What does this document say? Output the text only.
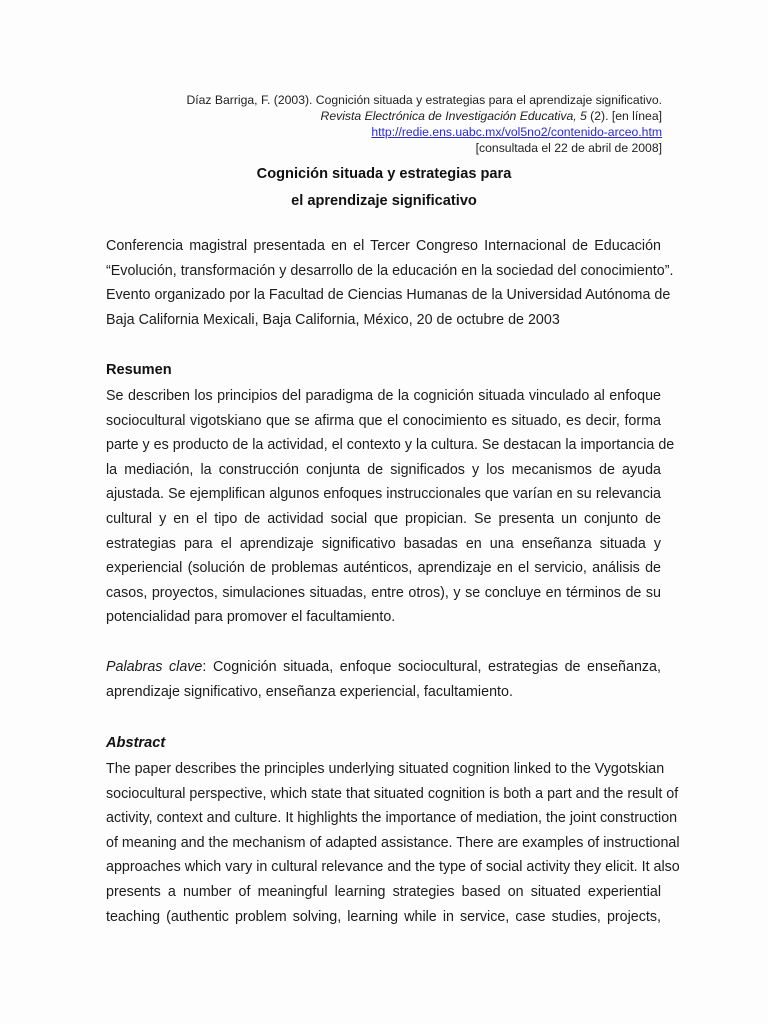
Díaz Barriga, F. (2003). Cognición situada y estrategias para el aprendizaje significativo.
Revista Electrónica de Investigación Educativa, 5 (2). [en línea]
http://redie.ens.uabc.mx/vol5no2/contenido-arceo.htm
[consultada el 22 de abril de 2008]
Cognición situada y estrategias para
el aprendizaje significativo
Conferencia magistral presentada en el Tercer Congreso Internacional de Educación
“Evolución, transformación y desarrollo de la educación en la sociedad del conocimiento”.
Evento organizado por la Facultad de Ciencias Humanas de la Universidad Autónoma de
Baja California Mexicali, Baja California, México, 20 de octubre de 2003
Resumen
Se describen los principios del paradigma de la cognición situada vinculado al enfoque
sociocultural vigotskiano que se afirma que el conocimiento es situado, es decir, forma
parte y es producto de la actividad, el contexto y la cultura. Se destacan la importancia de
la mediación, la construcción conjunta de significados y los mecanismos de ayuda
ajustada. Se ejemplifican algunos enfoques instruccionales que varían en su relevancia
cultural y en el tipo de actividad social que propician. Se presenta un conjunto de
estrategias para el aprendizaje significativo basadas en una enseñanza situada y
experiencial (solución de problemas auténticos, aprendizaje en el servicio, análisis de
casos, proyectos, simulaciones situadas, entre otros), y se concluye en términos de su
potencialidad para promover el facultamiento.
Palabras clave: Cognición situada, enfoque sociocultural, estrategias de enseñanza,
aprendizaje significativo, enseñanza experiencial, facultamiento.
Abstract
The paper describes the principles underlying situated cognition linked to the Vygotskian
sociocultural perspective, which state that situated cognition is both a part and the result of
activity, context and culture. It highlights the importance of mediation, the joint construction
of meaning and the mechanism of adapted assistance. There are examples of instructional
approaches which vary in cultural relevance and the type of social activity they elicit. It also
presents a number of meaningful learning strategies based on situated experiential
teaching (authentic problem solving, learning while in service, case studies, projects,
